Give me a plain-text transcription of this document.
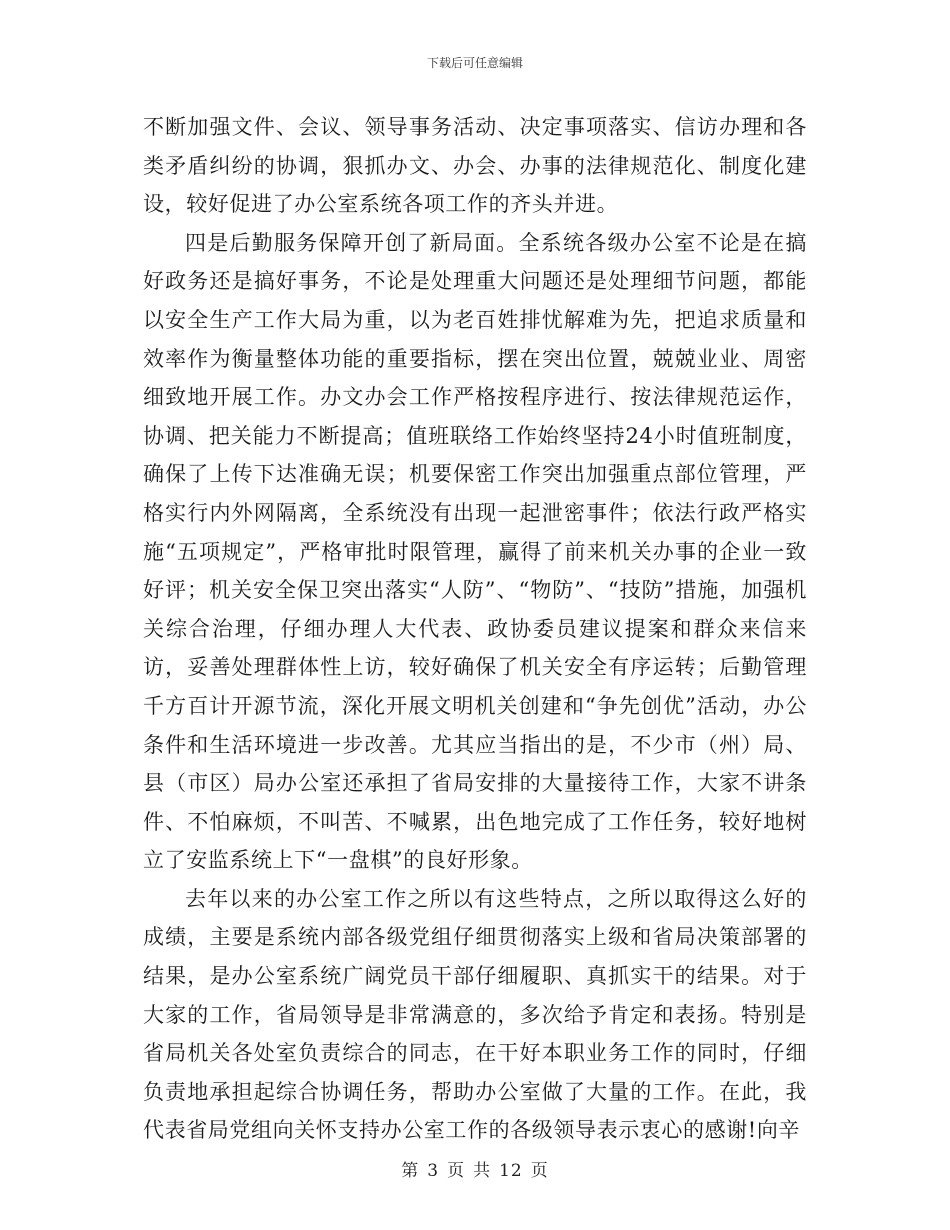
下载后可任意编辑

不断加强文件、会议、领导事务活动、决定事项落实、信访办理和各类矛盾纠纷的协调，狠抓办文、办会、办事的法律规范化、制度化建设，较好促进了办公室系统各项工作的齐头并进。

四是后勤服务保障开创了新局面。全系统各级办公室不论是在搞好政务还是搞好事务，不论是处理重大问题还是处理细节问题，都能以安全生产工作大局为重，以为老百姓排忧解难为先，把追求质量和效率作为衡量整体功能的重要指标，摆在突出位置，兢兢业业、周密细致地开展工作。办文办会工作严格按程序进行、按法律规范运作，协调、把关能力不断提高；值班联络工作始终坚持24小时值班制度，确保了上传下达准确无误；机要保密工作突出加强重点部位管理，严格实行内外网隔离，全系统没有出现一起泄密事件；依法行政严格实施“五项规定”，严格审批时限管理，赢得了前来机关办事的企业一致好评；机关安全保卫突出落实“人防”、“物防”、“技防”措施，加强机关综合治理，仔细办理人大代表、政协委员建议提案和群众来信来访，妥善处理群体性上访，较好确保了机关安全有序运转；后勤管理千方百计开源节流，深化开展文明机关创建和“争先创优”活动，办公条件和生活环境进一步改善。尤其应当指出的是，不少市（州）局、县（市区）局办公室还承担了省局安排的大量接待工作，大家不讲条件、不怕麻烦，不叫苦、不喊累，出色地完成了工作任务，较好地树立了安监系统上下“一盘棋”的良好形象。

去年以来的办公室工作之所以有这些特点，之所以取得这么好的成绩，主要是系统内部各级党组仔细贯彻落实上级和省局决策部署的结果，是办公室系统广阔党员干部仔细履职、真抓实干的结果。对于大家的工作，省局领导是非常满意的，多次给予肯定和表扬。特别是省局机关各处室负责综合的同志，在干好本职业务工作的同时，仔细负责地承担起综合协调任务，帮助办公室做了大量的工作。在此，我代表省局党组向关怀支持办公室工作的各级领导表示衷心的感谢!向辛

第 3 页 共 12 页
